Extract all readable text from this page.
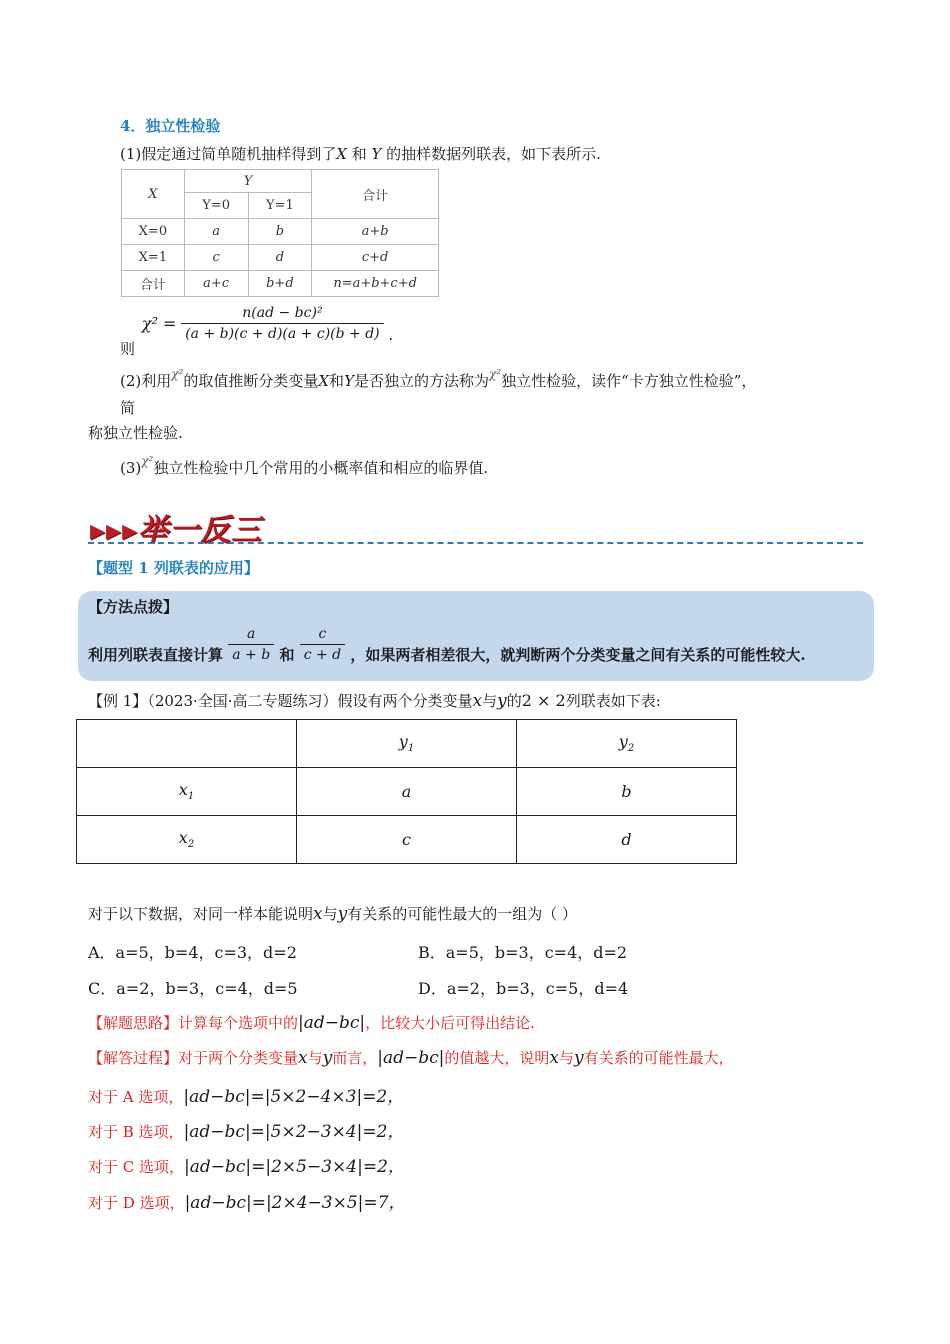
4．独立性检验
(1)假定通过简单随机抽样得到了X 和 Y 的抽样数据列联表，如下表所示.
X	Y		合计
	Y=0	Y=1	
X=0	a	b	a+b
X=1	c	d	c+d
合计	a+c	b+d	n=a+b+c+d
则 $\chi^2 = \frac{\text{n(ad − bc)²}}{(a + b)(c + d)(a + c)(b + d)}$ .
(2)利用$^{\chi^2}$的取值推断分类变量X和Y是否独立的方法称为$^{\chi^2}$独立性检验，读作“卡方独立性检验”，
简
称独立性检验.
$(3)^{\chi^2}$独立性检验中几个常用的小概率值和相应的临界值.
▸▸▸举一反三
【题型 1 列联表的应用】
【方法点拨】
利用列联表直接计算 $\frac{a}{a + b}$ 和 $\frac{c}{c + d}$ ，如果两者相差很大，就判断两个分类变量之间有关系的可能性较大.
【例 1】（2023·全国·高二专题练习）假设有两个分类变量x与y的2 × 2列联表如下表:
	$y_1$	$y_2$
$x_1$	a	b
$x_2$	c	d
对于以下数据，对同一样本能说明x与y有关系的可能性最大的一组为（ ）
A．a=5，b=4，c=3，d=2	B．a=5，b=3，c=4，d=2
C．a=2，b=3，c=4，d=5	D．a=2，b=3，c=5，d=4
【解题思路】计算每个选项中的|ad−bc|，比较大小后可得出结论.
【解答过程】对于两个分类变量x与y而言，|ad−bc|的值越大，说明x与y有关系的可能性最大，
对于 A 选项，|ad−bc|=|5×2−4×3|=2，
对于 B 选项，|ad−bc|=|5×2−3×4|=2，
对于 C 选项，|ad−bc|=|2×5−3×4|=2，
对于 D 选项，|ad−bc|=|2×4−3×5|=7，
